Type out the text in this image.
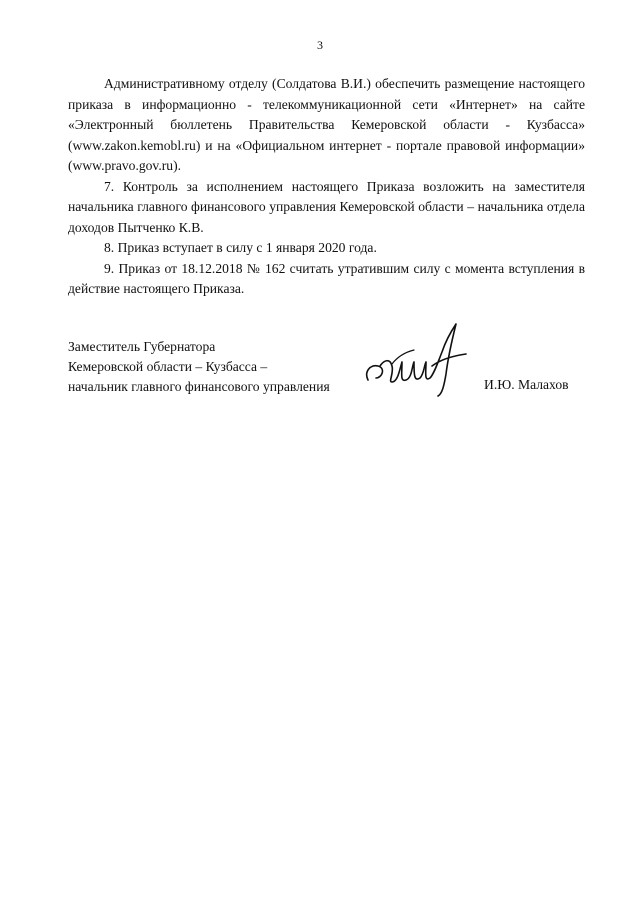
3

Административному отделу (Солдатова В.И.) обеспечить размещение настоящего приказа в информационно - телекоммуникационной сети «Интернет» на сайте «Электронный бюллетень Правительства Кемеровской области - Кузбасса» (www.zakon.kemobl.ru) и на «Официальном интернет - портале правовой информации» (www.pravo.gov.ru).

7. Контроль за исполнением настоящего Приказа возложить на заместителя начальника главного финансового управления Кемеровской области – начальника отдела доходов Пытченко К.В.

8. Приказ вступает в силу с 1 января 2020 года.

9. Приказ от 18.12.2018 № 162 считать утратившим силу с момента вступления в действие настоящего Приказа.

Заместитель Губернатора
Кемеровской области – Кузбасса –
начальник главного финансового управления	И.Ю. Малахов
